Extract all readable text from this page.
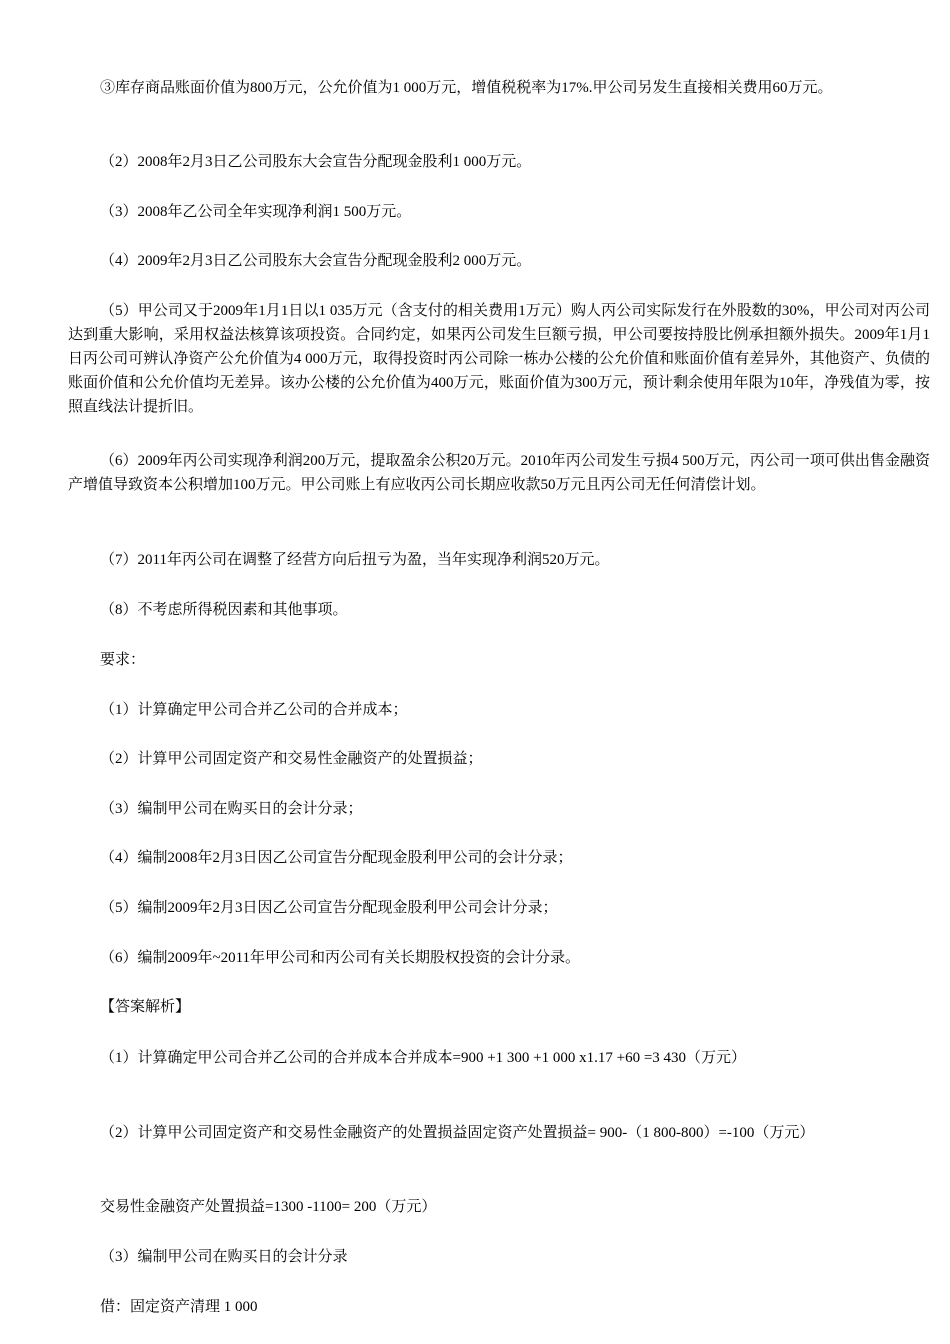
③库存商品账面价值为800万元，公允价值为1 000万元，增值税税率为17%.甲公司另发生直接相关费用60万元。

（2）2008年2月3日乙公司股东大会宣告分配现金股利1 000万元。

（3）2008年乙公司全年实现净利润1 500万元。

（4）2009年2月3日乙公司股东大会宣告分配现金股利2 000万元。

（5）甲公司又于2009年1月1日以1 035万元（含支付的相关费用1万元）购人丙公司实际发行在外股数的30%，甲公司对丙公司达到重大影响，采用权益法核算该项投资。合同约定，如果丙公司发生巨额亏损，甲公司要按持股比例承担额外损失。2009年1月1日丙公司可辨认净资产公允价值为4 000万元，取得投资时丙公司除一栋办公楼的公允价值和账面价值有差异外，其他资产、负债的账面价值和公允价值均无差异。该办公楼的公允价值为400万元，账面价值为300万元，预计剩余使用年限为10年，净残值为零，按照直线法计提折旧。

（6）2009年丙公司实现净利润200万元，提取盈余公积20万元。2010年丙公司发生亏损4 500万元，丙公司一项可供出售金融资产增值导致资本公积增加100万元。甲公司账上有应收丙公司长期应收款50万元且丙公司无任何清偿计划。

（7）2011年丙公司在调整了经营方向后扭亏为盈，当年实现净利润520万元。

（8）不考虑所得税因素和其他事项。

要求：

（1）计算确定甲公司合并乙公司的合并成本；

（2）计算甲公司固定资产和交易性金融资产的处置损益；

（3）编制甲公司在购买日的会计分录；

（4）编制2008年2月3日因乙公司宣告分配现金股利甲公司的会计分录；

（5）编制2009年2月3日因乙公司宣告分配现金股利甲公司会计分录；

（6）编制2009年~2011年甲公司和丙公司有关长期股权投资的会计分录。

【答案解析】

（1）计算确定甲公司合并乙公司的合并成本合并成本=900 +1 300 +1 000 x1.17 +60 =3 430（万元）

（2）计算甲公司固定资产和交易性金融资产的处置损益固定资产处置损益= 900-（1 800-800）=-100（万元）

交易性金融资产处置损益=1300 -1100= 200（万元）

（3）编制甲公司在购买日的会计分录

借：固定资产清理 1 000
